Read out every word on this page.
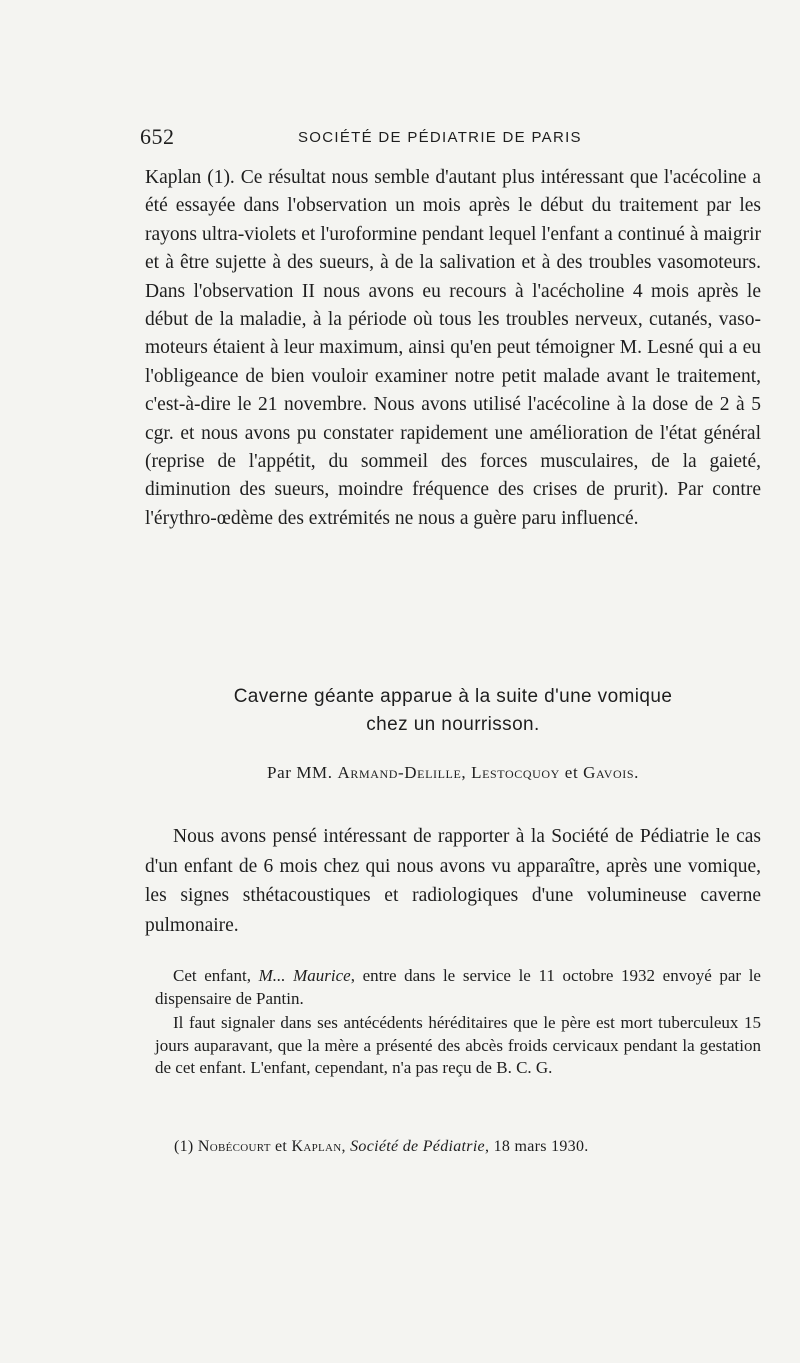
652	SOCIÉTÉ DE PÉDIATRIE DE PARIS

Kaplan (1). Ce résultat nous semble d'autant plus intéressant que l'acécoline a été essayée dans l'observation un mois après le début du traitement par les rayons ultra-violets et l'uroformine pendant lequel l'enfant a continué à maigrir et à être sujette à des sueurs, à de la salivation et à des troubles vasomoteurs. Dans l'observation II nous avons eu recours à l'acécholine 4 mois après le début de la maladie, à la période où tous les troubles nerveux, cutanés, vaso-moteurs étaient à leur maximum, ainsi qu'en peut témoigner M. Lesné qui a eu l'obligeance de bien vouloir examiner notre petit malade avant le traitement, c'est-à-dire le 21 novembre. Nous avons utilisé l'acécoline à la dose de 2 à 5 cgr. et nous avons pu constater rapidement une amélioration de l'état général (reprise de l'appétit, du sommeil des forces musculaires, de la gaieté, diminution des sueurs, moindre fréquence des crises de prurit). Par contre l'érythro-œdème des extrémités ne nous a guère paru influencé.

Caverne géante apparue à la suite d'une vomique
chez un nourrisson.
Par MM. Armand-Delille, Lestocquoy et Gavois.

Nous avons pensé intéressant de rapporter à la Société de Pédiatrie le cas d'un enfant de 6 mois chez qui nous avons vu apparaître, après une vomique, les signes sthétacoustiques et radiologiques d'une volumineuse caverne pulmonaire.

Cet enfant, M... Maurice, entre dans le service le 11 octobre 1932 envoyé par le dispensaire de Pantin.

Il faut signaler dans ses antécédents héréditaires que le père est mort tuberculeux 15 jours auparavant, que la mère a présenté des abcès froids cervicaux pendant la gestation de cet enfant. L'enfant, cependant, n'a pas reçu de B. C. G.

(1) Nobécourt et Kaplan, Société de Pédiatrie, 18 mars 1930.
